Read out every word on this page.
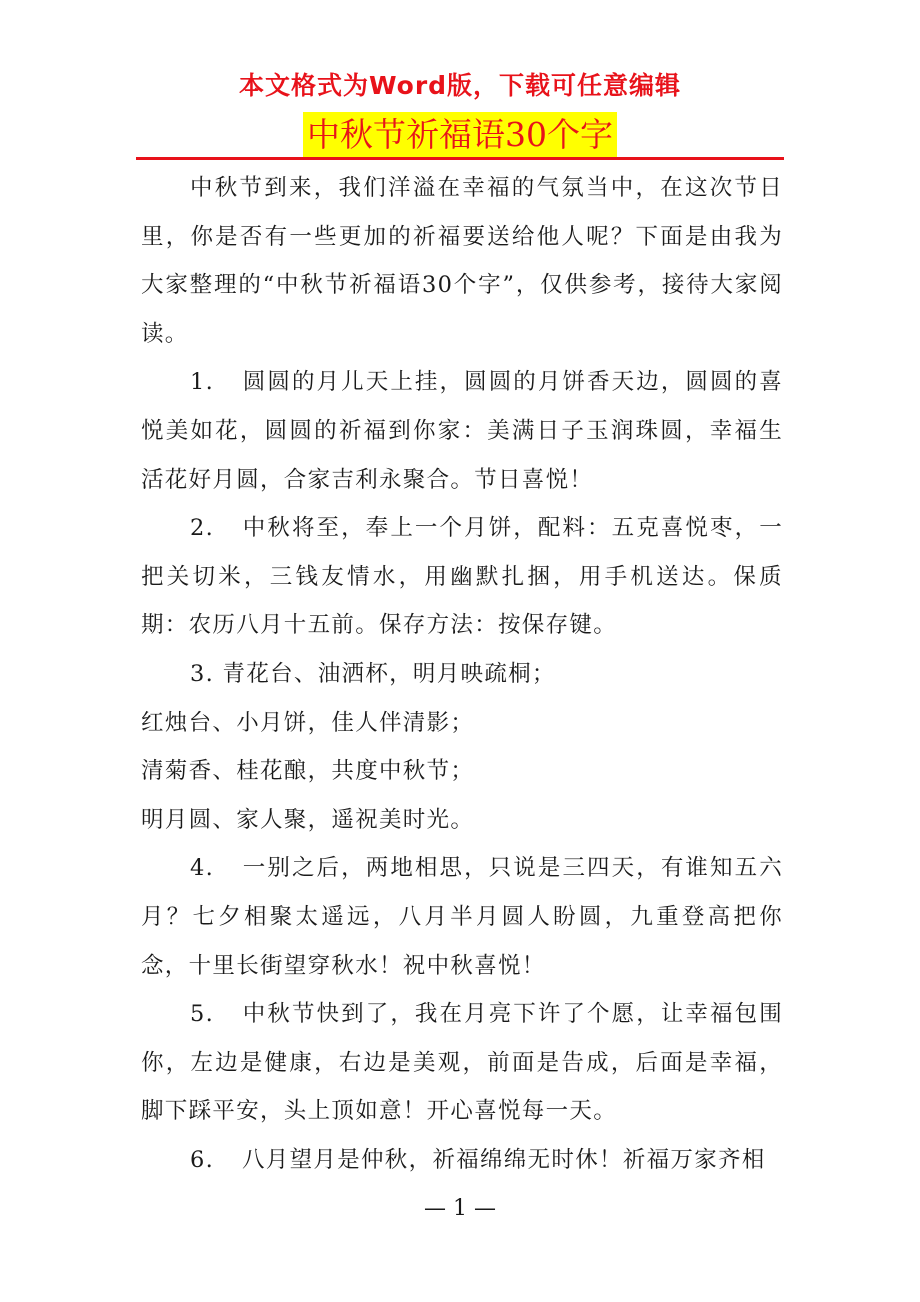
本文格式为Word版，下载可任意编辑
中秋节祈福语30个字

中秋节到来，我们洋溢在幸福的气氛当中，在这次节日里，你是否有一些更加的祈福要送给他人呢？下面是由我为大家整理的“中秋节祈福语30个字”，仅供参考，接待大家阅读。

1. 圆圆的月儿天上挂，圆圆的月饼香天边，圆圆的喜悦美如花，圆圆的祈福到你家：美满日子玉润珠圆，幸福生活花好月圆，合家吉利永聚合。节日喜悦！

2. 中秋将至，奉上一个月饼，配料：五克喜悦枣，一把关切米，三钱友情水，用幽默扎捆，用手机送达。保质期：农历八月十五前。保存方法：按保存键。

3. 青花台、油洒杯，明月映疏桐；

红烛台、小月饼，佳人伴清影；

清菊香、桂花酿，共度中秋节；

明月圆、家人聚，遥祝美时光。

4. 一别之后，两地相思，只说是三四天，有谁知五六月？七夕相聚太遥远，八月半月圆人盼圆，九重登高把你念，十里长街望穿秋水！祝中秋喜悦！

5. 中秋节快到了，我在月亮下许了个愿，让幸福包围你，左边是健康，右边是美观，前面是告成，后面是幸福，脚下踩平安，头上顶如意！开心喜悦每一天。

6. 八月望月是仲秋，祈福绵绵无时休！祈福万家齐相

— 1 —
